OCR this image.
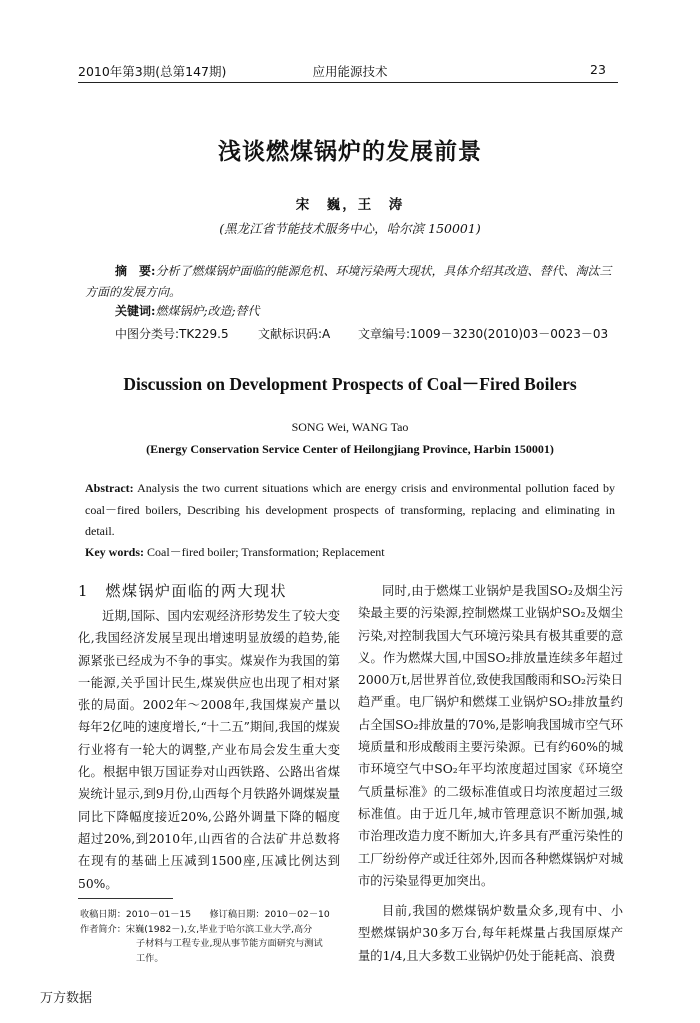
2010年第3期(总第147期)	应用能源技术	23
浅谈燃煤锅炉的发展前景
宋　巍，王　涛
(黑龙江省节能技术服务中心，哈尔滨 150001)

摘　要:分析了燃煤锅炉面临的能源危机、环境污染两大现状，具体介绍其改造、替代、淘汰三方面的发展方向。

关键词:燃煤锅炉;改造;替代
中图分类号:TK229.5 文献标识码:A 文章编号:1009－3230(2010)03－0023－03
Discussion on Development Prospects of Coal－Fired Boilers
SONG Wei, WANG Tao
(Energy Conservation Service Center of Heilongjiang Province, Harbin 150001)

Abstract: Analysis the two current situations which are energy crisis and environmental pollution faced by coal－fired boilers, Describing his development prospects of transforming, replacing and eliminating in detail.

Key words: Coal－fired boiler; Transformation; Replacement
1　燃煤锅炉面临的两大现状

近期,国际、国内宏观经济形势发生了较大变化,我国经济发展呈现出增速明显放缓的趋势,能源紧张已经成为不争的事实。煤炭作为我国的第一能源,关乎国计民生,煤炭供应也出现了相对紧张的局面。2002年～2008年,我国煤炭产量以每年2亿吨的速度增长,“十二五”期间,我国的煤炭行业将有一轮大的调整,产业布局会发生重大变化。根据申银万国证券对山西铁路、公路出省煤炭统计显示,到9月份,山西每个月铁路外调煤炭量同比下降幅度接近20%,公路外调量下降的幅度超过20%,到2010年,山西省的合法矿井总数将在现有的基础上压减到1500座,压减比例达到50%。

同时,由于燃煤工业锅炉是我国SO₂及烟尘污染最主要的污染源,控制燃煤工业锅炉SO₂及烟尘污染,对控制我国大气环境污染具有极其重要的意义。作为燃煤大国,中国SO₂排放量连续多年超过2000万t,居世界首位,致使我国酸雨和SO₂污染日趋严重。电厂锅炉和燃煤工业锅炉SO₂排放量约占全国SO₂排放量的70%,是影响我国城市空气环境质量和形成酸雨主要污染源。已有约60%的城市环境空气中SO₂年平均浓度超过国家《环境空气质量标准》的二级标准值或日均浓度超过三级标准值。由于近几年,城市管理意识不断加强,城市治理改造力度不断加大,许多具有严重污染性的工厂纷纷停产或迁往郊外,因而各种燃煤锅炉对城市的污染显得更加突出。

目前,我国的燃煤锅炉数量众多,现有中、小型燃煤锅炉30多万台,每年耗煤量占我国原煤产量的1/4,且大多数工业锅炉仍处于能耗高、浪费

收稿日期：2010－01－15　　修订稿日期：2010－02－10
作者简介：宋巍(1982－),女,毕业于哈尔滨工业大学,高分
子材料与工程专业,现从事节能方面研究与测试
工作。
万方数据
